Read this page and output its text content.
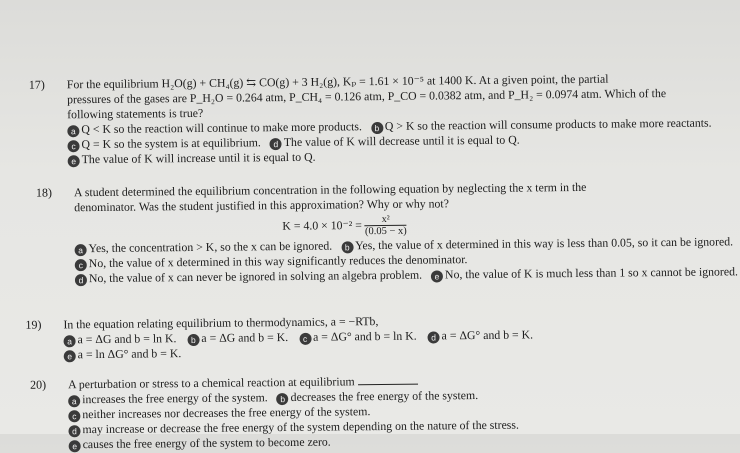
17) For the equilibrium H₂O(g) + CH₄(g) ⇆ CO(g) + 3 H₂(g), Kₚ = 1.61 × 10⁻⁵ at 1400 K. At a given point, the partial
pressures of the gases are P_H₂O = 0.264 atm, P_CH₄ = 0.126 atm, P_CO = 0.0382 atm, and P_H₂ = 0.0974 atm. Which of the
following statements is true?
a Q < K so the reaction will continue to make more products. b Q > K so the reaction will consume products to make more reactants.
c Q = K so the system is at equilibrium. d The value of K will decrease until it is equal to Q.
e The value of K will increase until it is equal to Q.
18) A student determined the equilibrium concentration in the following equation by neglecting the x term in the
denominator. Was the student justified in this approximation? Why or why not?
$K = 4.0 \times 10^{-2} = \frac{\text{x²}}{(0.05 - x)}$
a Yes, the concentration > K, so the x can be ignored. b Yes, the value of x determined in this way is less than 0.05, so it can be ignored.
c No, the value of x determined in this way significantly reduces the denominator.
d No, the value of x can never be ignored in solving an algebra problem. e No, the value of K is much less than 1 so x cannot be ignored.
19) In the equation relating equilibrium to thermodynamics, a = −RTb,
a a = ΔG and b = ln K. b a = ΔG and b = K. c a = ΔG° and b = ln K. d a = ΔG° and b = K.
e a = ln ΔG° and b = K.
20) A perturbation or stress to a chemical reaction at equilibrium
a increases the free energy of the system. b decreases the free energy of the system.
c neither increases nor decreases the free energy of the system.
d may increase or decrease the free energy of the system depending on the nature of the stress.
e causes the free energy of the system to become zero.
